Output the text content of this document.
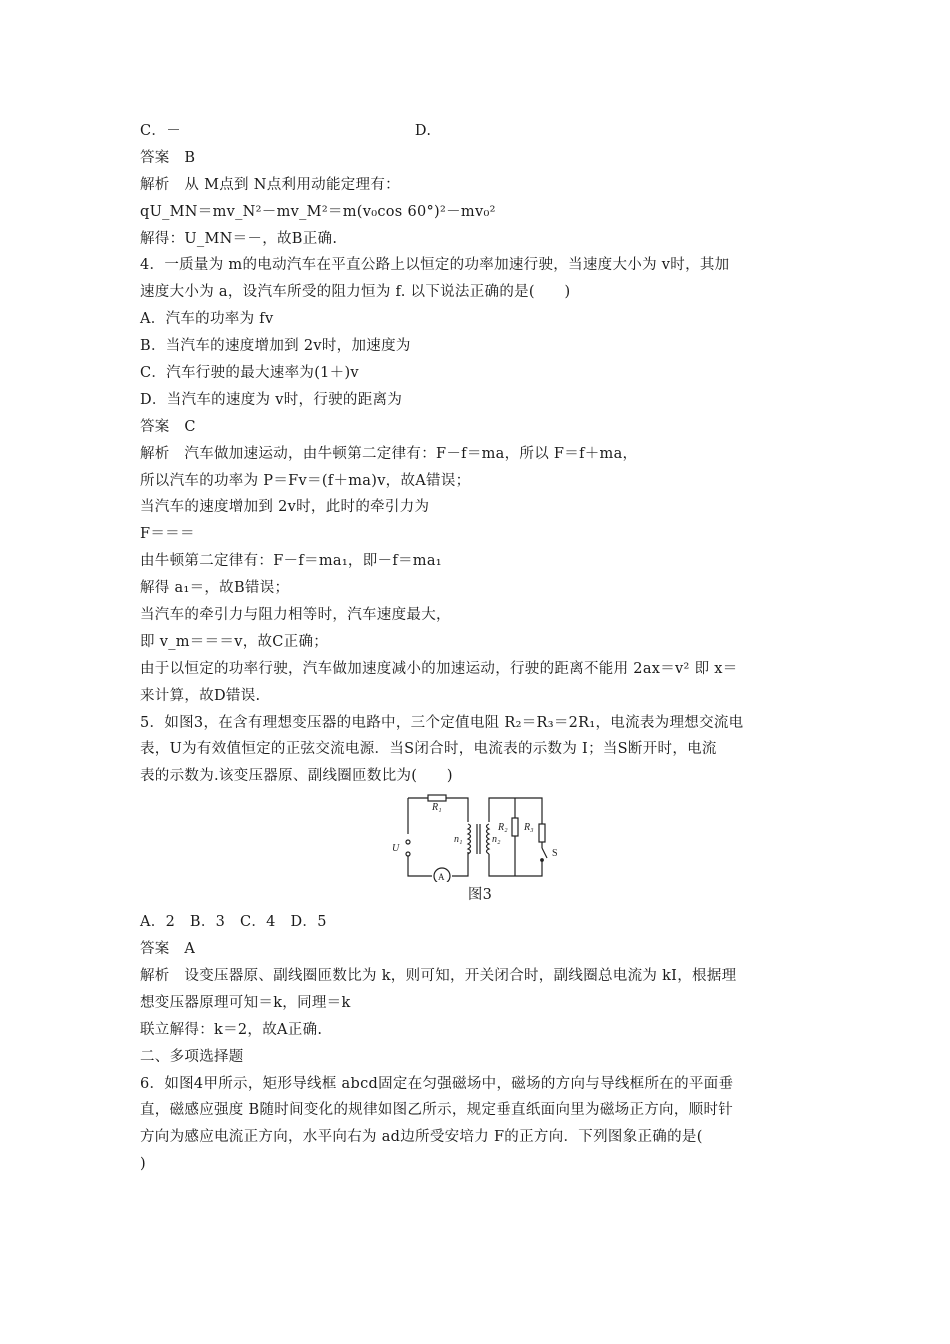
C．－	D.
答案　B
解析　从 M点到 N点利用动能定理有：
qU_MN＝mv_N²－mv_M²＝m(v₀cos 60°)²－mv₀²
解得：U_MN＝－，故B正确.
4．一质量为 m的电动汽车在平直公路上以恒定的功率加速行驶，当速度大小为 v时，其加
速度大小为 a，设汽车所受的阻力恒为 f. 以下说法正确的是(　　)
A．汽车的功率为 fv
B．当汽车的速度增加到 2v时，加速度为
C．汽车行驶的最大速率为(1＋)v
D．当汽车的速度为 v时，行驶的距离为
答案　C
解析　汽车做加速运动，由牛顿第二定律有：F－f＝ma，所以 F＝f＋ma，
所以汽车的功率为 P＝Fv＝(f＋ma)v，故A错误；
当汽车的速度增加到 2v时，此时的牵引力为
F＝＝＝
由牛顿第二定律有：F－f＝ma₁，即－f＝ma₁
解得 a₁＝，故B错误；
当汽车的牵引力与阻力相等时，汽车速度最大，
即 v_m＝＝＝v，故C正确；
由于以恒定的功率行驶，汽车做加速度减小的加速运动，行驶的距离不能用 2ax＝v² 即 x＝
来计算，故D错误.
5．如图3，在含有理想变压器的电路中，三个定值电阻 R₂＝R₃＝2R₁，电流表为理想交流电
表，U为有效值恒定的正弦交流电源．当S闭合时，电流表的示数为 I；当S断开时，电流
表的示数为.该变压器原、副线圈匝数比为(　　)
R₁
U
n₁	n₂
R₂ R₃
S
A
图3
A．2　B．3　C．4　D．5
答案　A
解析　设变压器原、副线圈匝数比为 k，则可知，开关闭合时，副线圈总电流为 kI，根据理
想变压器原理可知＝k，同理＝k
联立解得：k＝2，故A正确.
二、多项选择题
6．如图4甲所示，矩形导线框 abcd固定在匀强磁场中，磁场的方向与导线框所在的平面垂
直，磁感应强度 B随时间变化的规律如图乙所示，规定垂直纸面向里为磁场正方向，顺时针
方向为感应电流正方向，水平向右为 ad边所受安培力 F的正方向．下列图象正确的是(
)
